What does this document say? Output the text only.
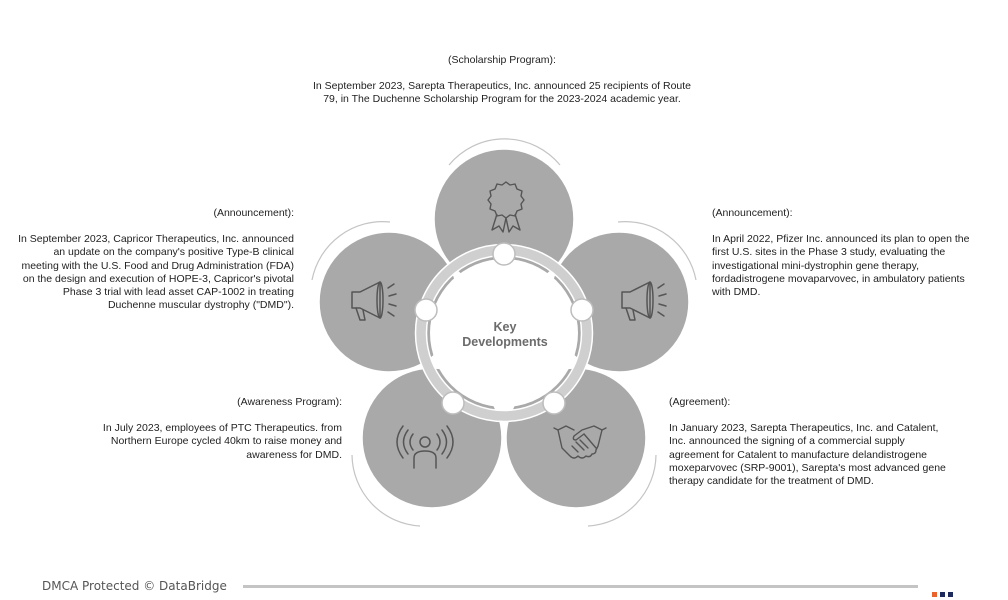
Key
Developments
(Scholarship Program):
In September 2023, Sarepta Therapeutics, Inc. announced 25 recipients of Route
79, in The Duchenne Scholarship Program for the 2023-2024 academic year.
(Announcement):
In September 2023, Capricor Therapeutics, Inc. announced
an update on the company's positive Type-B clinical
meeting with the U.S. Food and Drug Administration (FDA)
on the design and execution of HOPE-3, Capricor's pivotal
Phase 3 trial with lead asset CAP-1002 in treating
Duchenne muscular dystrophy ("DMD").
(Announcement):
In April 2022, Pfizer Inc. announced its plan to open the
first U.S. sites in the Phase 3 study, evaluating the
investigational mini-dystrophin gene therapy,
fordadistrogene movaparvovec, in ambulatory patients
with DMD.
(Awareness Program):
In July 2023, employees of PTC Therapeutics. from
Northern Europe cycled 40km to raise money and
awareness for DMD.
(Agreement):
In January 2023, Sarepta Therapeutics, Inc. and Catalent,
Inc. announced the signing of a commercial supply
agreement for Catalent to manufacture delandistrogene
moxeparvovec (SRP-9001), Sarepta's most advanced gene
therapy candidate for the treatment of DMD.
DMCA Protected © DataBridge
